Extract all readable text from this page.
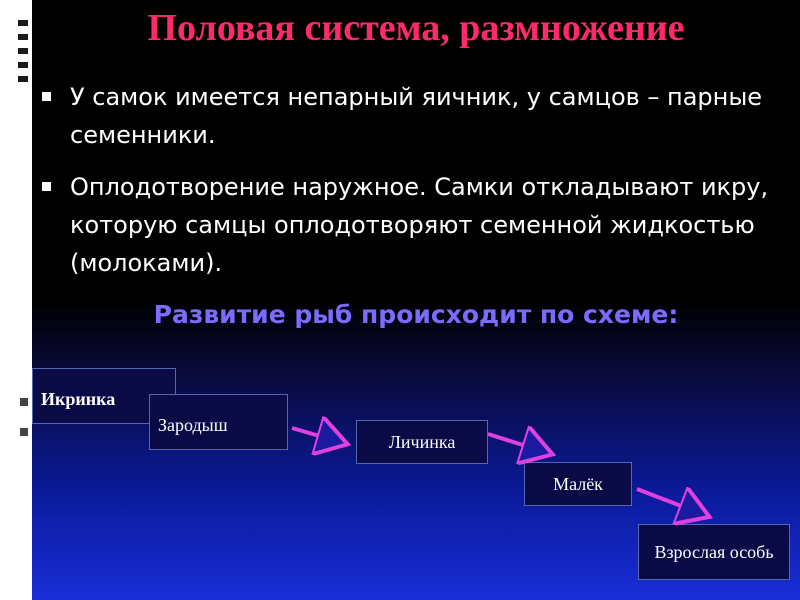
Половая система, размножение
У самок имеется непарный яичник, у самцов – парные семенники.
Оплодотворение наружное. Самки откладывают икру, которую самцы оплодотворяют семенной жидкостью (молоками).
Развитие рыб происходит по схеме:
Икринка
Зародыш
Личинка
Малёк
Взрослая особь
